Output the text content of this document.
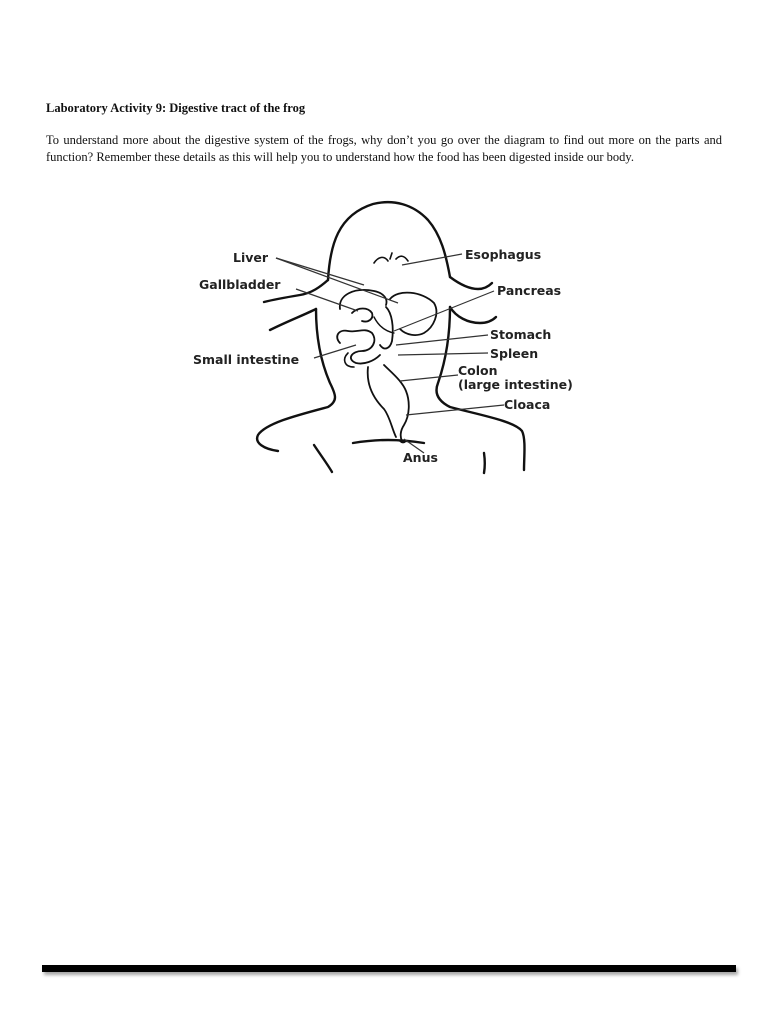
Laboratory Activity 9: Digestive tract of the frog

To understand more about the digestive system of the frogs, why don’t you go over the diagram to find out more on the parts and function? Remember these details as this will help you to understand how the food has been digested inside our body.

Liver
Gallbladder
Small intestine
Esophagus
Pancreas
Stomach
Spleen
Colon
(large intestine)
Cloaca
Anus
